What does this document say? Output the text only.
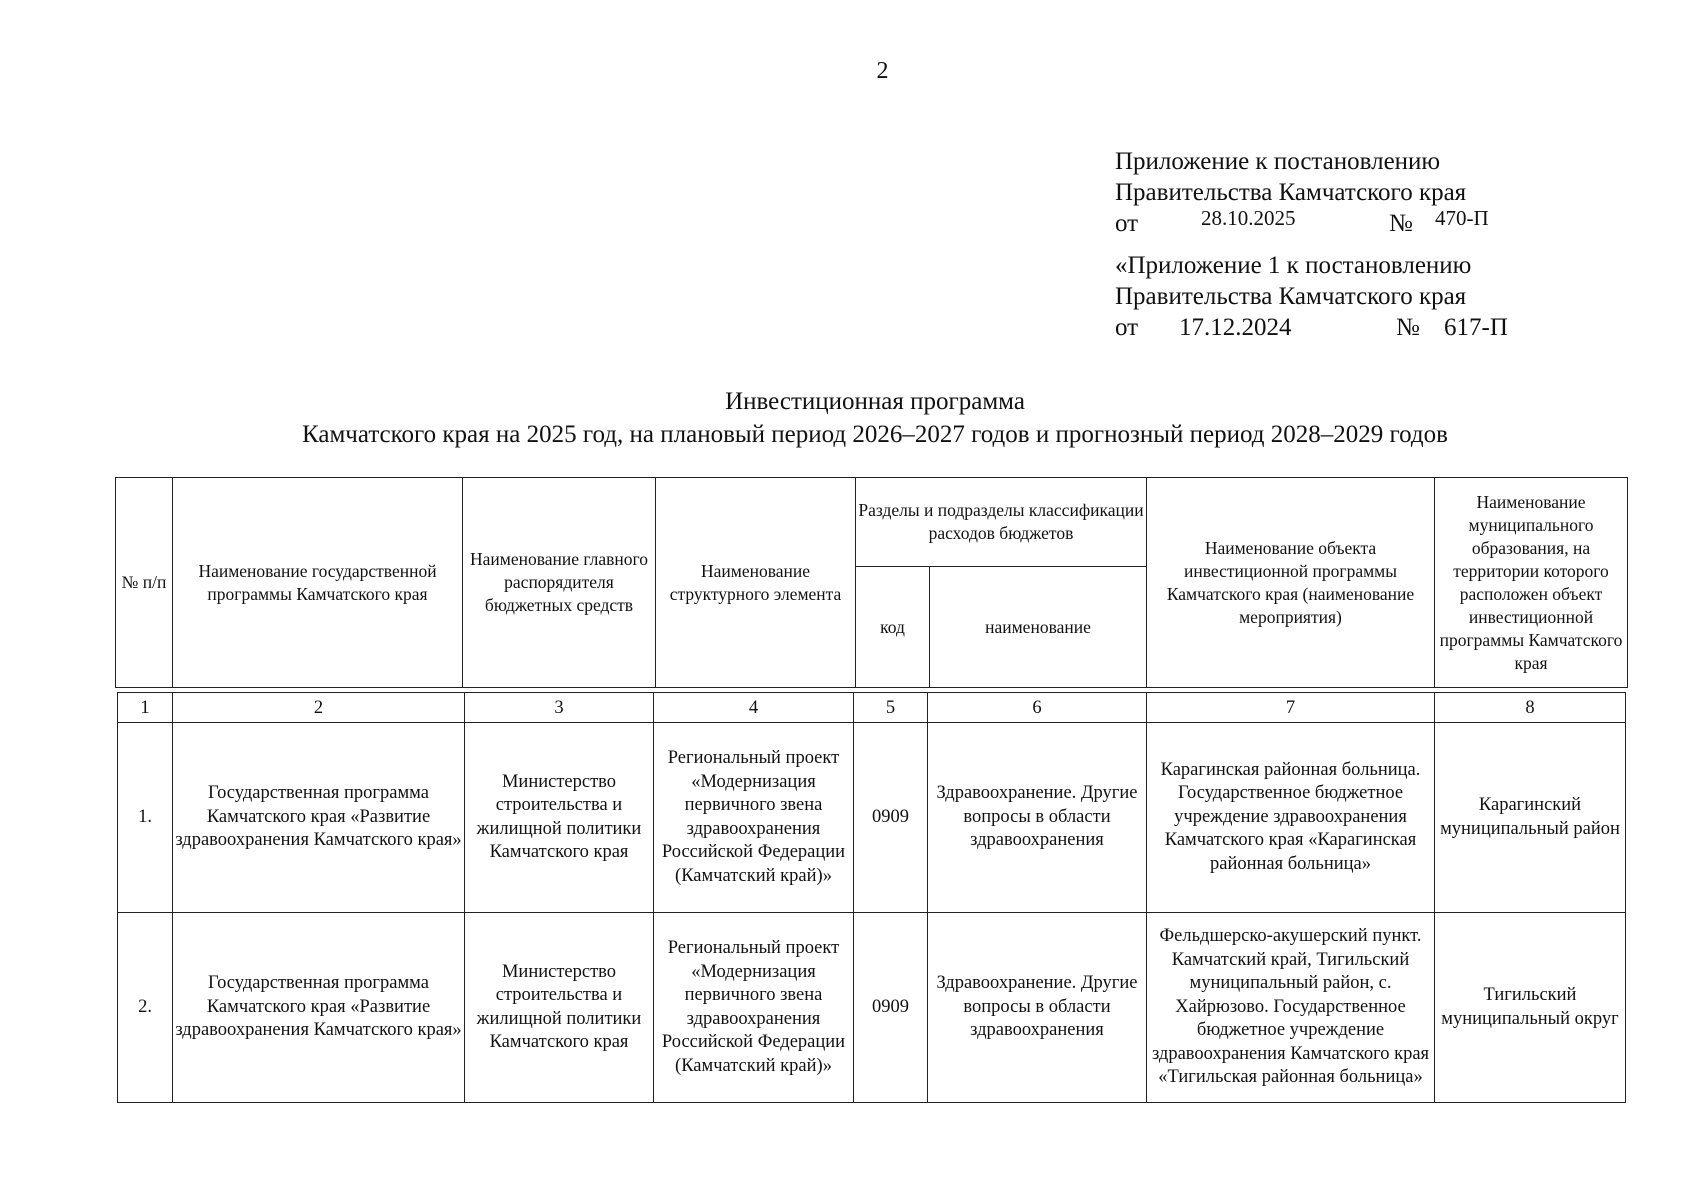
2
Приложение к постановлению
Правительства Камчатского края
от	28.10.2025	№ 470-П
«Приложение 1 к постановлению
Правительства Камчатского края
от 17.12.2024	№ 617-П
Инвестиционная программа
Камчатского края на 2025 год, на плановый период 2026–2027 годов и прогнозный период 2028–2029 годов
№ п/п	Наименование государственной программы Камчатского края	Наименование главного распорядителя бюджетных средств	Наименование структурного элемента	Разделы и подразделы классификации расходов бюджетов		Наименование объекта инвестиционной программы Камчатского края (наименование мероприятия)	Наименование муниципального образования, на территории которого расположен объект инвестиционной программы Камчатского края
				код	наименование		
1	2	3	4	5	6	7	8
1.	Государственная программа Камчатского края «Развитие здравоохранения Камчатского края»	Министерство строительства и жилищной политики Камчатского края	Региональный проект «Модернизация первичного звена здравоохранения Российской Федерации (Камчатский край)»	0909	Здравоохранение. Другие вопросы в области здравоохранения	Карагинская районная больница. Государственное бюджетное учреждение здравоохранения Камчатского края «Карагинская районная больница»	Карагинский муниципальный район
2.	Государственная программа Камчатского края «Развитие здравоохранения Камчатского края»	Министерство строительства и жилищной политики Камчатского края	Региональный проект «Модернизация первичного звена здравоохранения Российской Федерации (Камчатский край)»	0909	Здравоохранение. Другие вопросы в области здравоохранения	Фельдшерско-акушерский пункт. Камчатский край, Тигильский муниципальный район, с. Хайрюзово. Государственное бюджетное учреждение здравоохранения Камчатского края «Тигильская районная больница»	Тигильский муниципальный округ
